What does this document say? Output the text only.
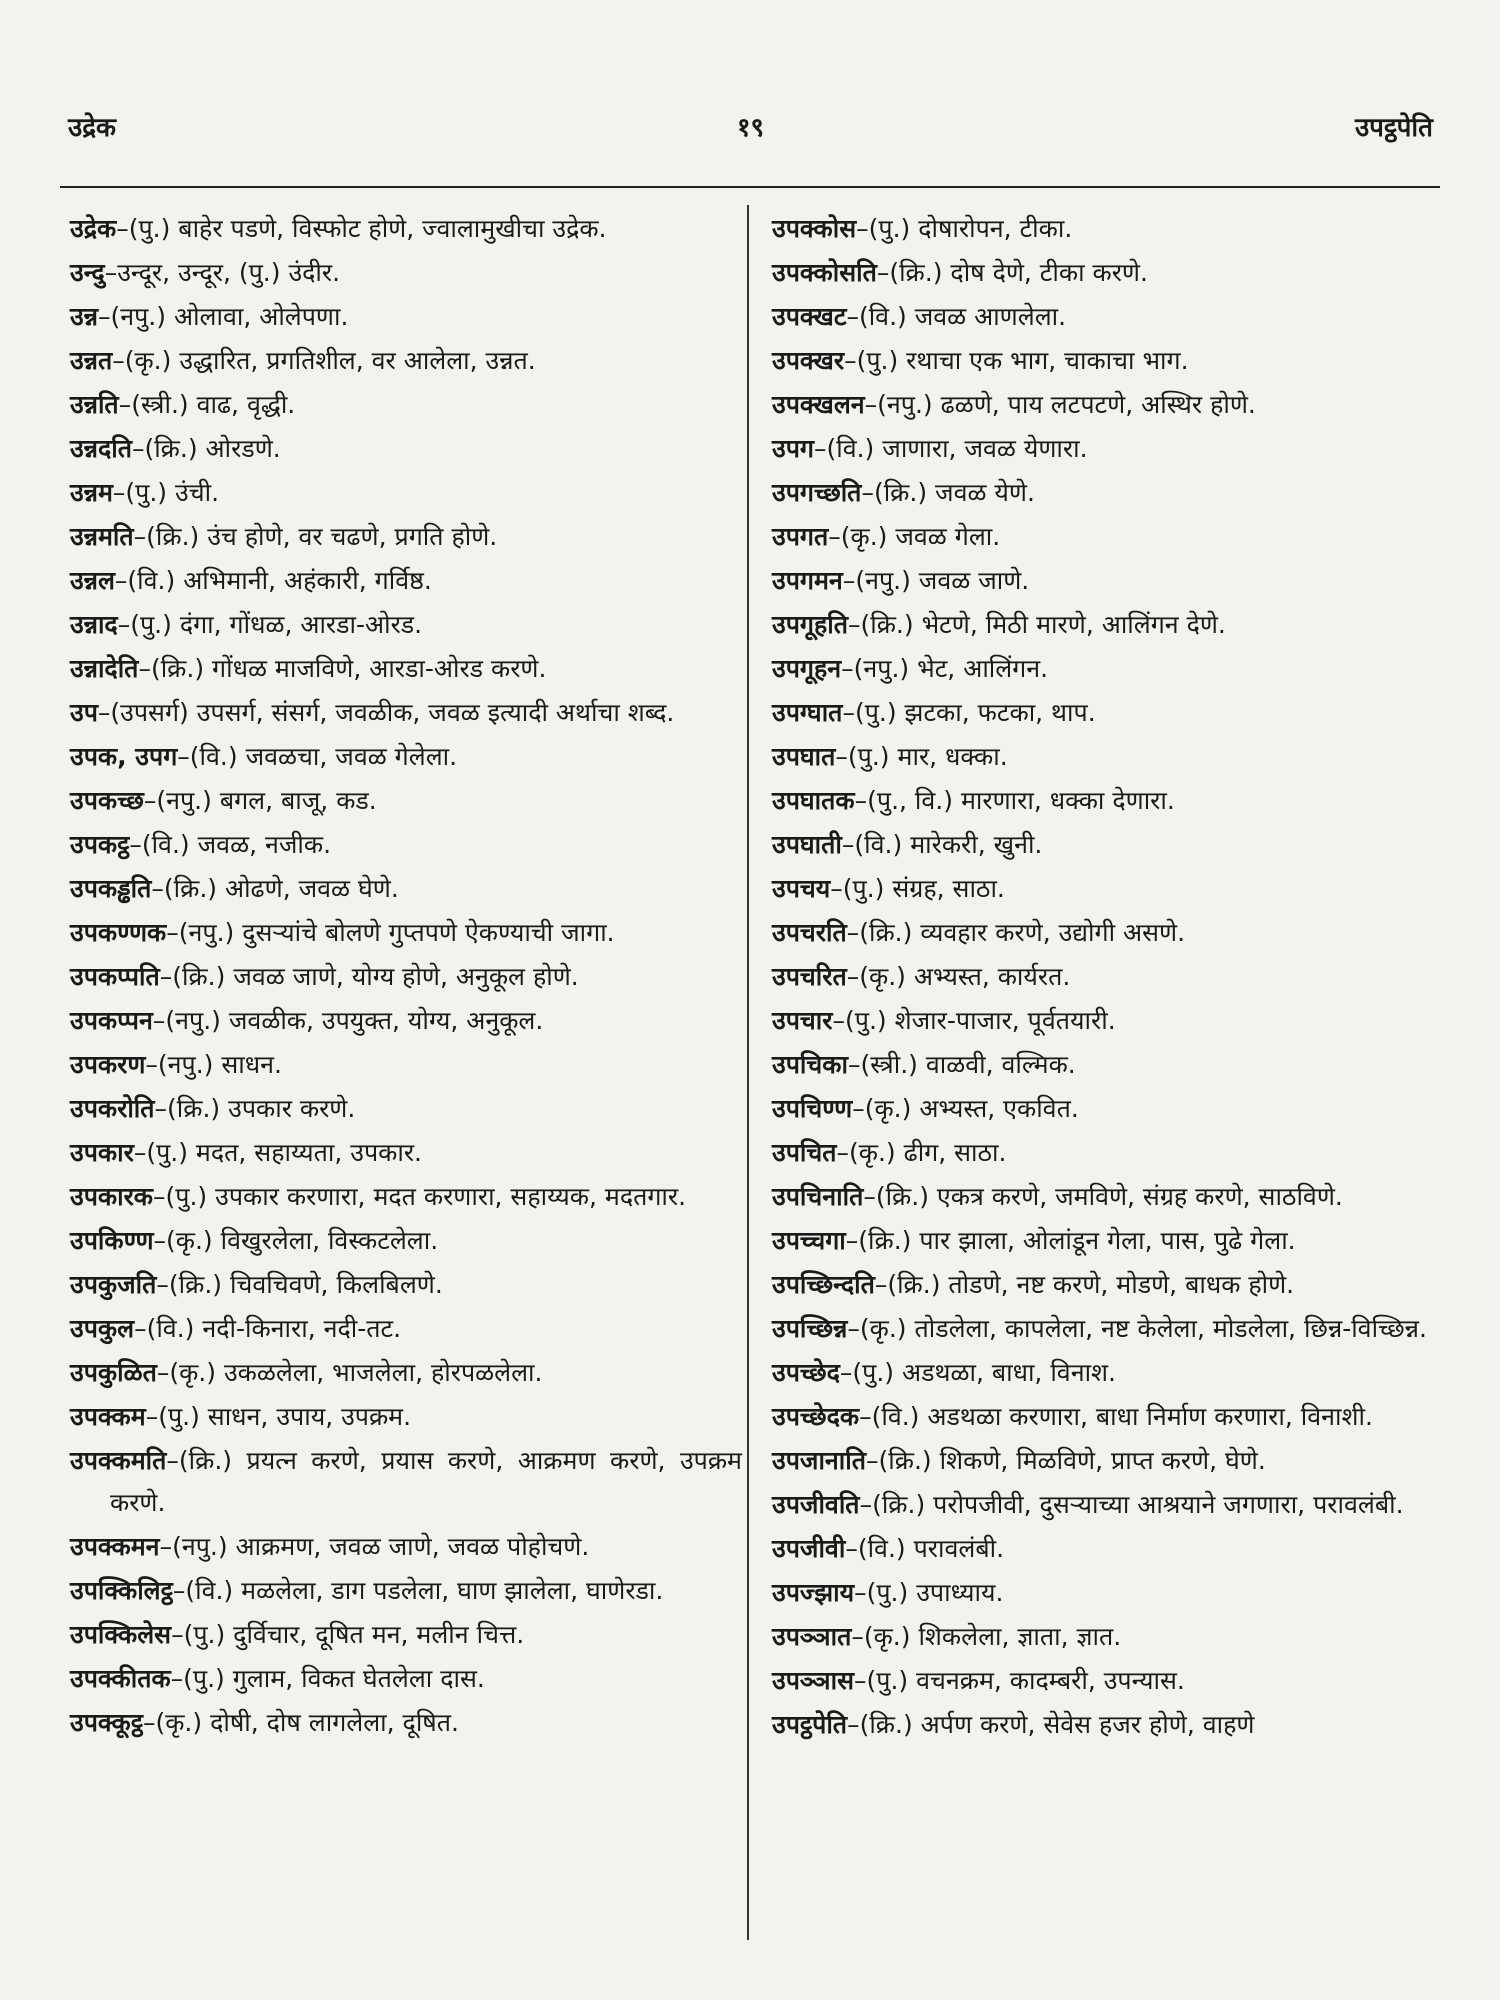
१९
उद्रेक	उपट्ठपेति

उद्रेक–(पु.) बाहेर पडणे, विस्फोट होणे, ज्वालामुखीचा उद्रेक.

उन्दु–उन्दूर, उन्दूर, (पु.) उंदीर.

उन्न–(नपु.) ओलावा, ओलेपणा.

उन्नत–(कृ.) उद्धारित, प्रगतिशील, वर आलेला, उन्नत.

उन्नति–(स्त्री.) वाढ, वृद्धी.

उन्नदति–(क्रि.) ओरडणे.

उन्नम–(पु.) उंची.

उन्नमति–(क्रि.) उंच होणे, वर चढणे, प्रगति होणे.

उन्नल–(वि.) अभिमानी, अहंकारी, गर्विष्ठ.

उन्नाद–(पु.) दंगा, गोंधळ, आरडा-ओरड.

उन्नादेति–(क्रि.) गोंधळ माजविणे, आरडा-ओरड करणे.

उप–(उपसर्ग) उपसर्ग, संसर्ग, जवळीक, जवळ इत्यादी अर्थाचा शब्द.

उपक, उपग–(वि.) जवळचा, जवळ गेलेला.

उपकच्छ–(नपु.) बगल, बाजू, कड.

उपकट्ठ–(वि.) जवळ, नजीक.

उपकड्ढति–(क्रि.) ओढणे, जवळ घेणे.

उपकण्णक–(नपु.) दुसऱ्यांचे बोलणे गुप्तपणे ऐकण्याची जागा.

उपकप्पति–(क्रि.) जवळ जाणे, योग्य होणे, अनुकूल होणे.

उपकप्पन–(नपु.) जवळीक, उपयुक्त, योग्य, अनुकूल.

उपकरण–(नपु.) साधन.

उपकरोति–(क्रि.) उपकार करणे.

उपकार–(पु.) मदत, सहाय्यता, उपकार.

उपकारक–(पु.) उपकार करणारा, मदत करणारा, सहाय्यक, मदतगार.

उपकिण्ण–(कृ.) विखुरलेला, विस्कटलेला.

उपकुजति–(क्रि.) चिवचिवणे, किलबिलणे.

उपकुल–(वि.) नदी-किनारा, नदी-तट.

उपकुळित–(कृ.) उकळलेला, भाजलेला, होरपळलेला.

उपक्कम–(पु.) साधन, उपाय, उपक्रम.

उपक्कमति–(क्रि.) प्रयत्न करणे, प्रयास करणे, आक्रमण करणे, उपक्रम करणे.

उपक्कमन–(नपु.) आक्रमण, जवळ जाणे, जवळ पोहोचणे.

उपक्किलिट्ठ–(वि.) मळलेला, डाग पडलेला, घाण झालेला, घाणेरडा.

उपक्किलेस–(पु.) दुर्विचार, दूषित मन, मलीन चित्त.

उपक्कीतक–(पु.) गुलाम, विकत घेतलेला दास.

उपक्कूट्ठ–(कृ.) दोषी, दोष लागलेला, दूषित.

उपक्कोस–(पु.) दोषारोपन, टीका.

उपक्कोसति–(क्रि.) दोष देणे, टीका करणे.

उपक्खट–(वि.) जवळ आणलेला.

उपक्खर–(पु.) रथाचा एक भाग, चाकाचा भाग.

उपक्खलन–(नपु.) ढळणे, पाय लटपटणे, अस्थिर होणे.

उपग–(वि.) जाणारा, जवळ येणारा.

उपगच्छति–(क्रि.) जवळ येणे.

उपगत–(कृ.) जवळ गेला.

उपगमन–(नपु.) जवळ जाणे.

उपगूहति–(क्रि.) भेटणे, मिठी मारणे, आलिंगन देणे.

उपगूहन–(नपु.) भेट, आलिंगन.

उपग्घात–(पु.) झटका, फटका, थाप.

उपघात–(पु.) मार, धक्का.

उपघातक–(पु., वि.) मारणारा, धक्का देणारा.

उपघाती–(वि.) मारेकरी, खुनी.

उपचय–(पु.) संग्रह, साठा.

उपचरति–(क्रि.) व्यवहार करणे, उद्योगी असणे.

उपचरित–(कृ.) अभ्यस्त, कार्यरत.

उपचार–(पु.) शेजार-पाजार, पूर्वतयारी.

उपचिका–(स्त्री.) वाळवी, वल्मिक.

उपचिण्ण–(कृ.) अभ्यस्त, एकवित.

उपचित–(कृ.) ढीग, साठा.

उपचिनाति–(क्रि.) एकत्र करणे, जमविणे, संग्रह करणे, साठविणे.

उपच्चगा–(क्रि.) पार झाला, ओलांडून गेला, पास, पुढे गेला.

उपच्छिन्दति–(क्रि.) तोडणे, नष्ट करणे, मोडणे, बाधक होणे.

उपच्छिन्न–(कृ.) तोडलेला, कापलेला, नष्ट केलेला, मोडलेला, छिन्न-विच्छिन्न.

उपच्छेद–(पु.) अडथळा, बाधा, विनाश.

उपच्छेदक–(वि.) अडथळा करणारा, बाधा निर्माण करणारा, विनाशी.

उपजानाति–(क्रि.) शिकणे, मिळविणे, प्राप्त करणे, घेणे.

उपजीवति–(क्रि.) परोपजीवी, दुसऱ्याच्या आश्रयाने जगणारा, परावलंबी.

उपजीवी–(वि.) परावलंबी.

उपज्झाय–(पु.) उपाध्याय.

उपञ्ञात–(कृ.) शिकलेला, ज्ञाता, ज्ञात.

उपञ्ञास–(पु.) वचनक्रम, कादम्बरी, उपन्यास.

उपट्ठपेति–(क्रि.) अर्पण करणे, सेवेस हजर होणे, वाहणे
